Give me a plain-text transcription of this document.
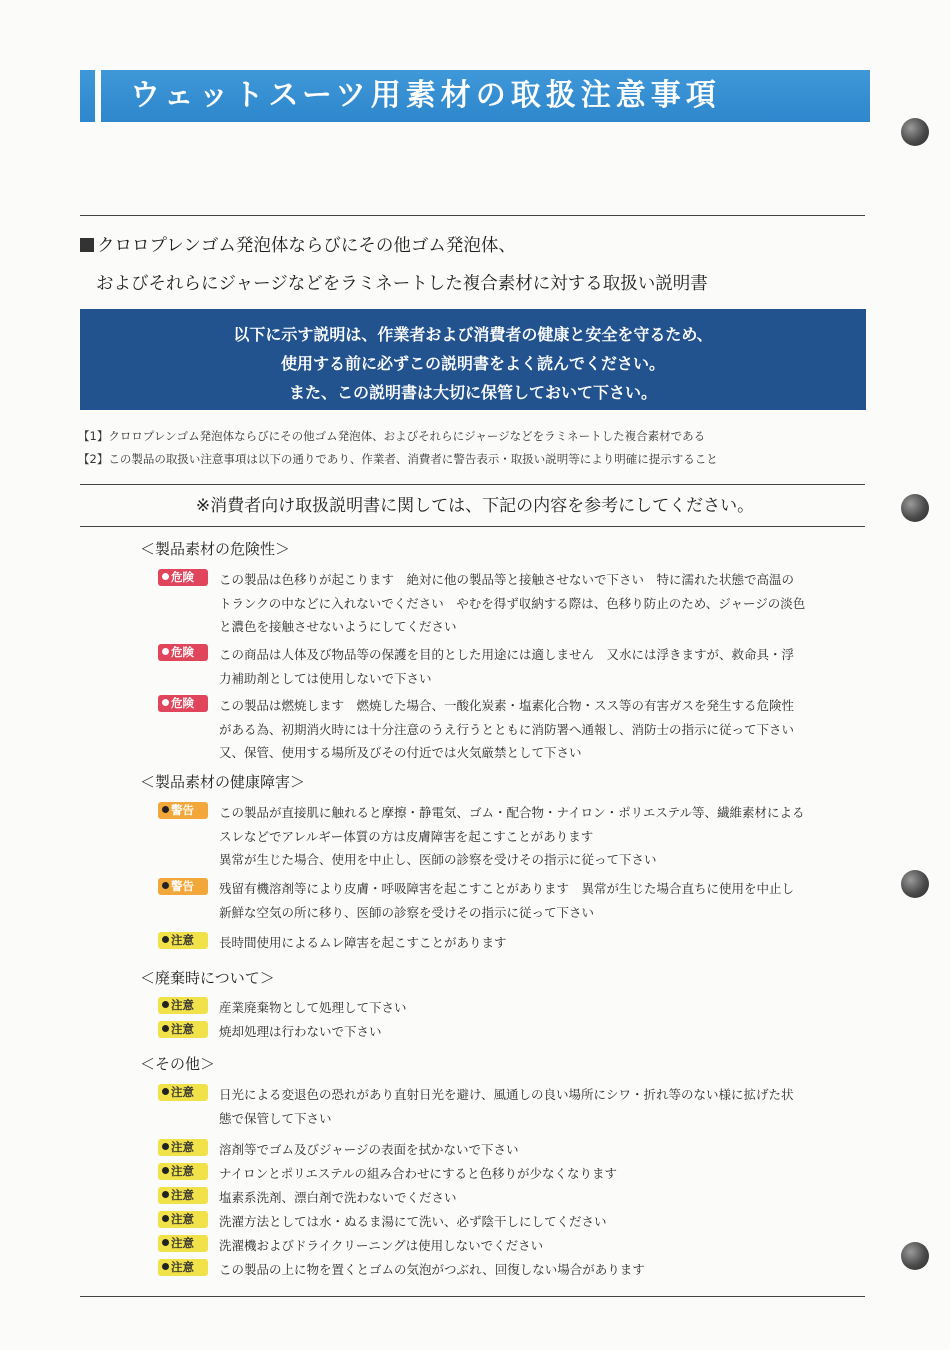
ウェットスーツ用素材の取扱注意事項
クロロプレンゴム発泡体ならびにその他ゴム発泡体、
およびそれらにジャージなどをラミネートした複合素材に対する取扱い説明書
以下に示す説明は、作業者および消費者の健康と安全を守るため、
使用する前に必ずこの説明書をよく読んでください。
また、この説明書は大切に保管しておいて下さい。
【1】クロロプレンゴム発泡体ならびにその他ゴム発泡体、およびそれらにジャージなどをラミネートした複合素材である
【2】この製品の取扱い注意事項は以下の通りであり、作業者、消費者に警告表示・取扱い説明等により明確に提示すること
※消費者向け取扱説明書に関しては、下記の内容を参考にしてください。
＜製品素材の危険性＞
危険	この製品は色移りが起こります　絶対に他の製品等と接触させないで下さい　特に濡れた状態で高温の
トランクの中などに入れないでください　やむを得ず収納する際は、色移り防止のため、ジャージの淡色
と濃色を接触させないようにしてください
危険	この商品は人体及び物品等の保護を目的とした用途には適しません　又水には浮きますが、救命具・浮
力補助剤としては使用しないで下さい
危険	この製品は燃焼します　燃焼した場合、一酸化炭素・塩素化合物・スス等の有害ガスを発生する危険性
がある為、初期消火時には十分注意のうえ行うとともに消防署へ通報し、消防士の指示に従って下さい
又、保管、使用する場所及びその付近では火気厳禁として下さい
＜製品素材の健康障害＞
警告	この製品が直接肌に触れると摩擦・静電気、ゴム・配合物・ナイロン・ポリエステル等、繊維素材による
スレなどでアレルギー体質の方は皮膚障害を起こすことがあります
異常が生じた場合、使用を中止し、医師の診察を受けその指示に従って下さい
警告	残留有機溶剤等により皮膚・呼吸障害を起こすことがあります　異常が生じた場合直ちに使用を中止し
新鮮な空気の所に移り、医師の診察を受けその指示に従って下さい
注意	長時間使用によるムレ障害を起こすことがあります
＜廃棄時について＞
注意	産業廃棄物として処理して下さい
注意	焼却処理は行わないで下さい
＜その他＞
注意	日光による変退色の恐れがあり直射日光を避け、風通しの良い場所にシワ・折れ等のない様に拡げた状
態で保管して下さい
注意	溶剤等でゴム及びジャージの表面を拭かないで下さい
注意	ナイロンとポリエステルの組み合わせにすると色移りが少なくなります
注意	塩素系洗剤、漂白剤で洗わないでください
注意	洗濯方法としては水・ぬるま湯にて洗い、必ず陰干しにしてください
注意	洗濯機およびドライクリーニングは使用しないでください
注意	この製品の上に物を置くとゴムの気泡がつぶれ、回復しない場合があります
